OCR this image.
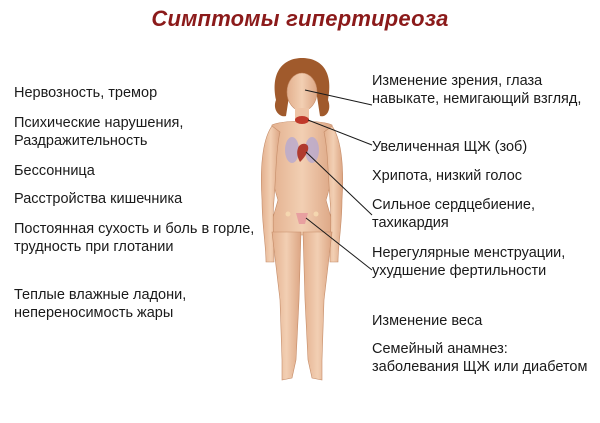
Симптомы гипертиреоза
Нервозность, тремор
Психические нарушения, Раздражительность
Бессонница
Расстройства кишечника
Постоянная сухость и боль в горле, трудность при глотании
Теплые влажные ладони, непереносимость жары
Изменение зрения, глаза навыкате, немигающий взгляд,
Увеличенная ЩЖ (зоб)
Хрипота, низкий голос
Сильное сердцебиение, тахикардия
Нерегулярные менструации, ухудшение фертильности
Изменение веса
Семейный анамнез: заболевания ЩЖ или диабетом
